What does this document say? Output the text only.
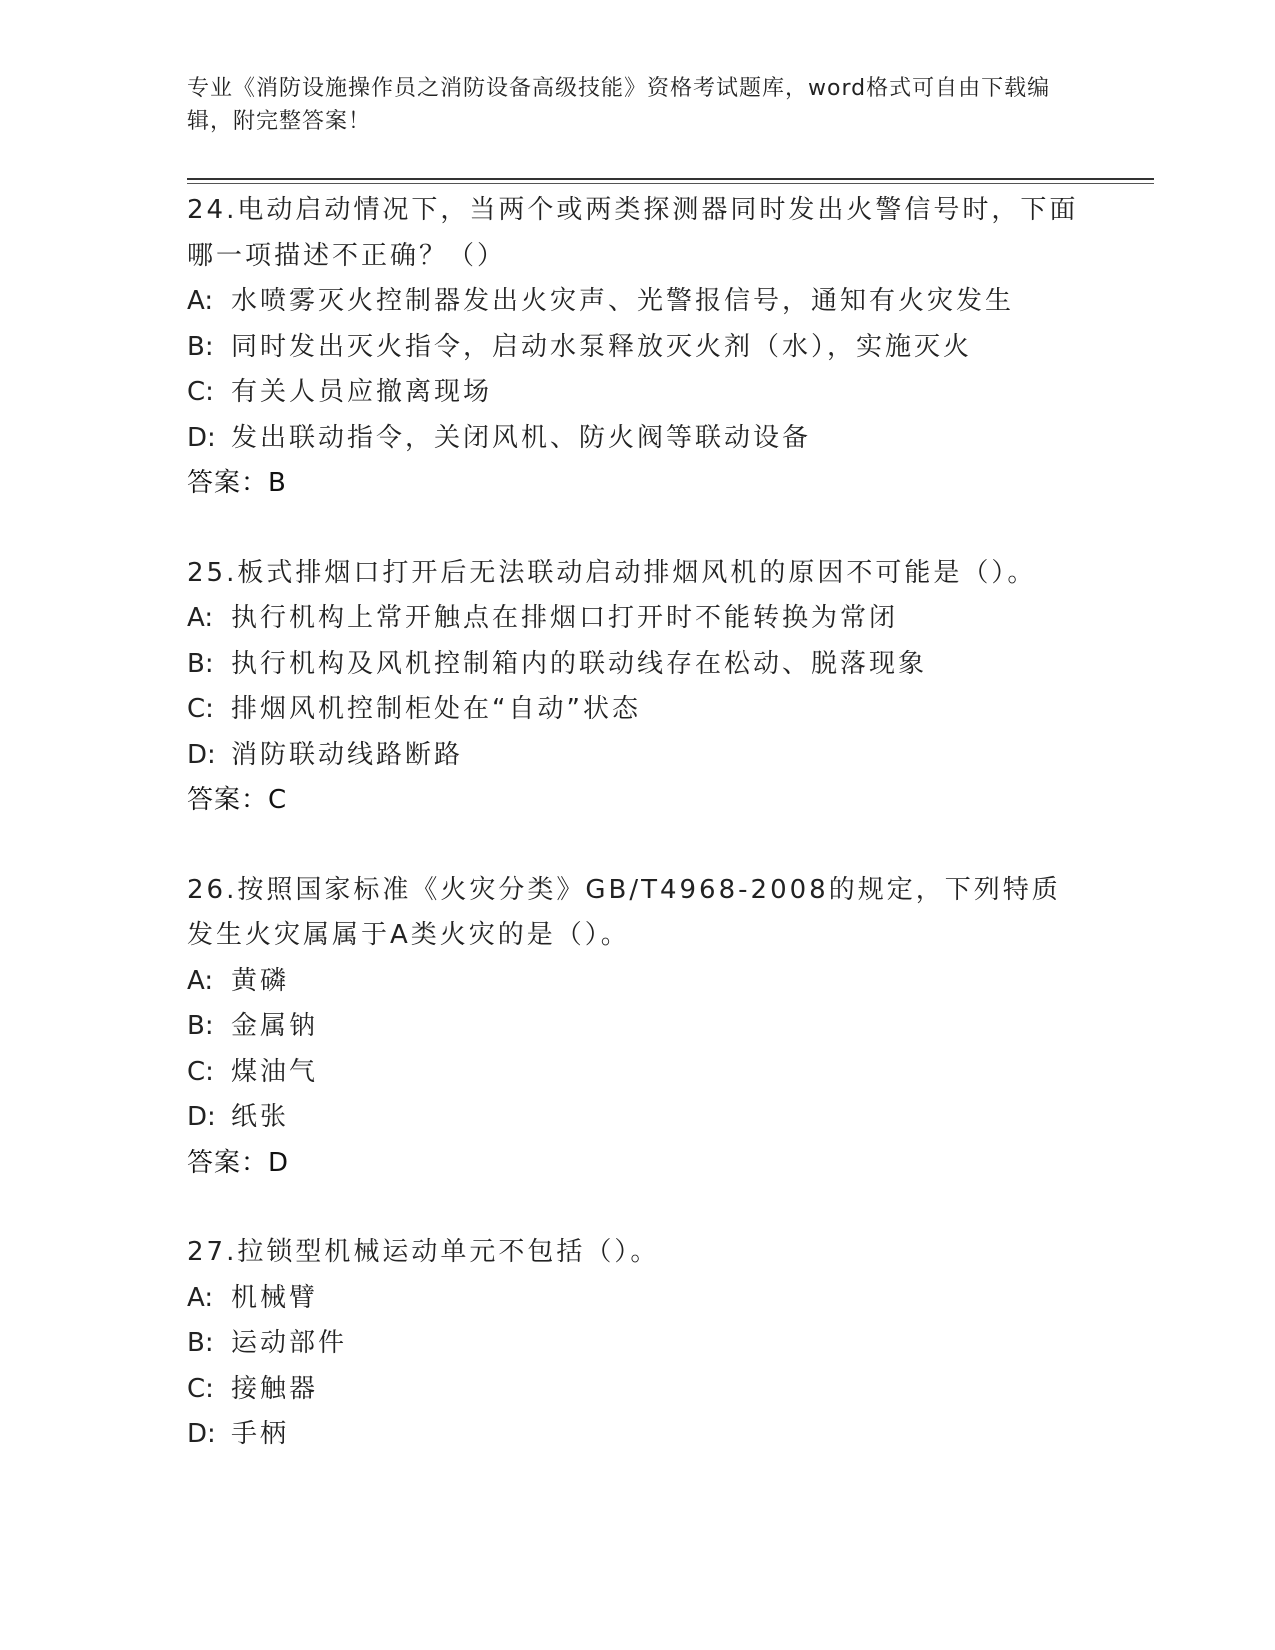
专业《消防设施操作员之消防设备高级技能》资格考试题库，word格式可自由下载编辑，附完整答案！
24.电动启动情况下，当两个或两类探测器同时发出火警信号时，下面哪一项描述不正确？（）
A: 水喷雾灭火控制器发出火灾声、光警报信号，通知有火灾发生
B: 同时发出灭火指令，启动水泵释放灭火剂（水），实施灭火
C: 有关人员应撤离现场
D: 发出联动指令，关闭风机、防火阀等联动设备
答案：B
25.板式排烟口打开后无法联动启动排烟风机的原因不可能是（）。
A: 执行机构上常开触点在排烟口打开时不能转换为常闭
B: 执行机构及风机控制箱内的联动线存在松动、脱落现象
C: 排烟风机控制柜处在“自动”状态
D: 消防联动线路断路
答案：C
26.按照国家标准《火灾分类》GB/T4968-2008的规定，下列特质发生火灾属属于A类火灾的是（）。
A: 黄磷
B: 金属钠
C: 煤油气
D: 纸张
答案：D
27.拉锁型机械运动单元不包括（）。
A: 机械臂
B: 运动部件
C: 接触器
D: 手柄
